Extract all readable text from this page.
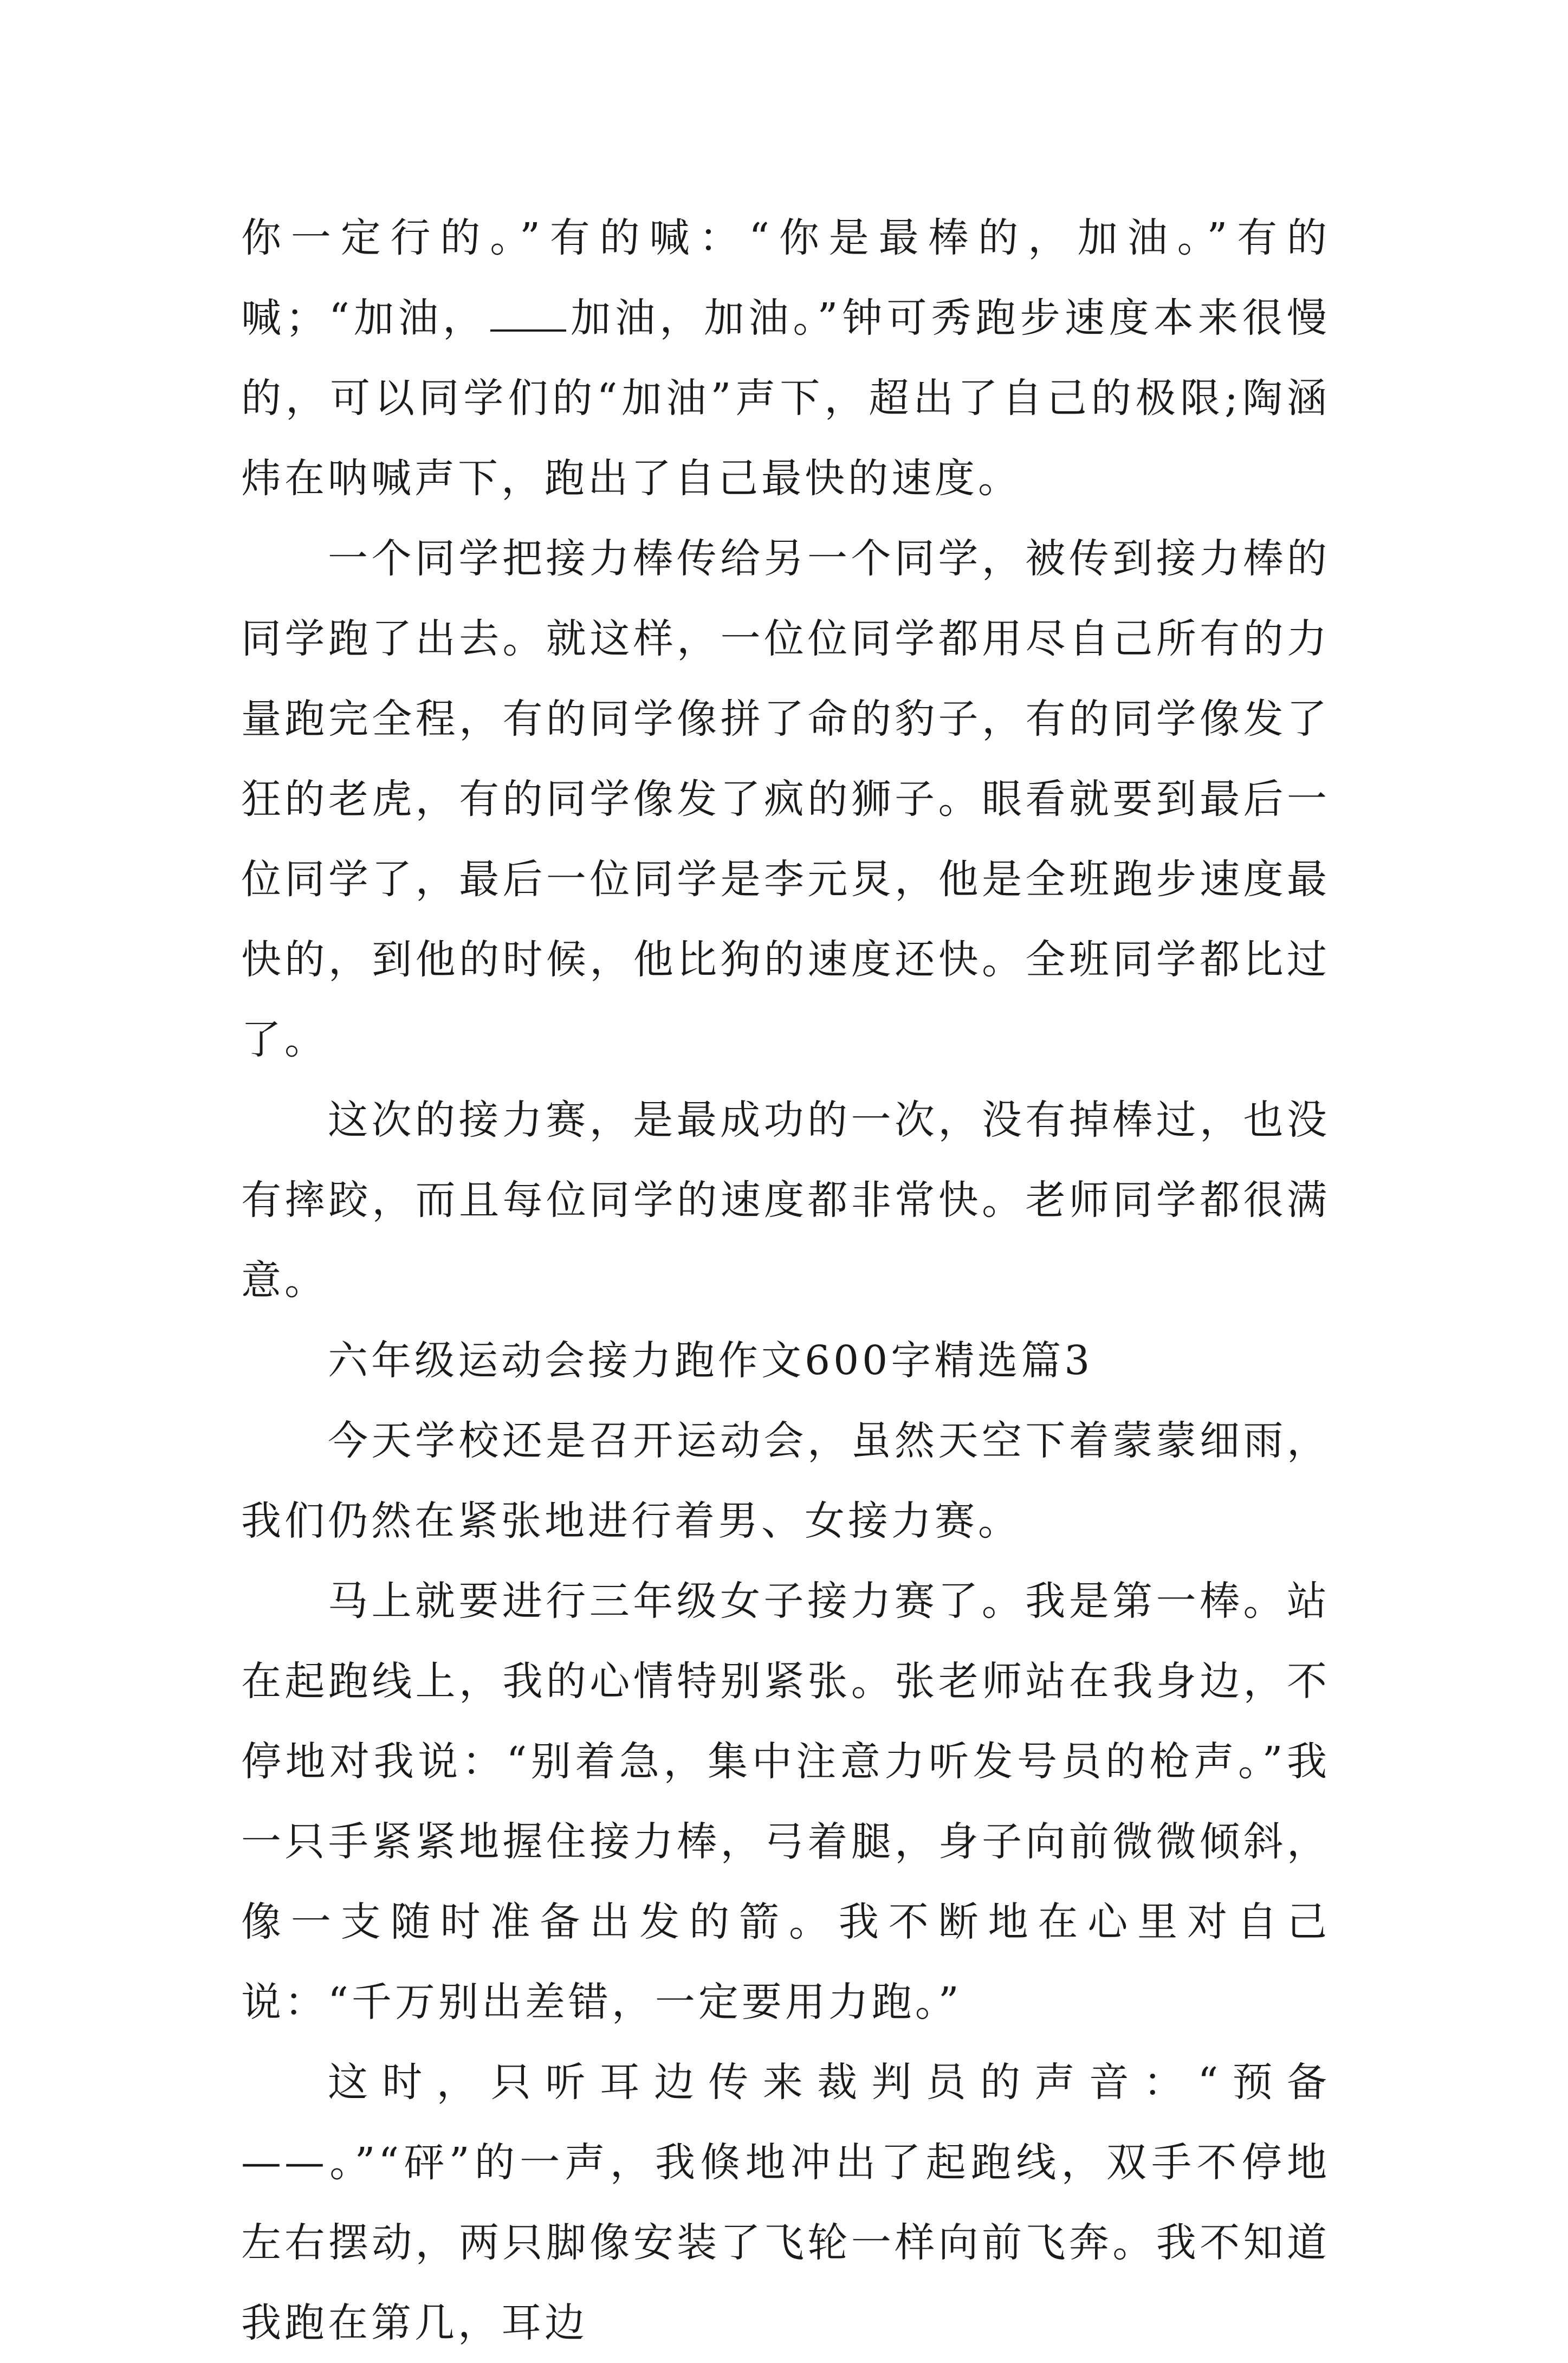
你一定行的。”有的喊：“你是最棒的，加油。”有的喊；“加油， 加油，加油。”钟可秀跑步速度本来很慢的，可以同学们的“加油”声下，超出了自己的极限;陶涵炜在呐喊声下，跑出了自己最快的速度。

一个同学把接力棒传给另一个同学，被传到接力棒的同学跑了出去。就这样，一位位同学都用尽自己所有的力量跑完全程，有的同学像拼了命的豹子，有的同学像发了狂的老虎，有的同学像发了疯的狮子。眼看就要到最后一位同学了，最后一位同学是李元炅，他是全班跑步速度最快的，到他的时候，他比狗的速度还快。全班同学都比过了。

这次的接力赛，是最成功的一次，没有掉棒过，也没有摔跤，而且每位同学的速度都非常快。老师同学都很满意。

六年级运动会接力跑作文600字精选篇3

今天学校还是召开运动会，虽然天空下着蒙蒙细雨，我们仍然在紧张地进行着男、女接力赛。

马上就要进行三年级女子接力赛了。我是第一棒。站在起跑线上，我的心情特别紧张。张老师站在我身边，不停地对我说：“别着急，集中注意力听发号员的枪声。”我一只手紧紧地握住接力棒，弓着腿，身子向前微微倾斜，像一支随时准备出发的箭。我不断地在心里对自己说：“千万别出差错，一定要用力跑。”

这时，只听耳边传来裁判员的声音：“预备——。”“砰”的一声，我倏地冲出了起跑线，双手不停地左右摆动，两只脚像安装了飞轮一样向前飞奔。我不知道我跑在第几，耳边
